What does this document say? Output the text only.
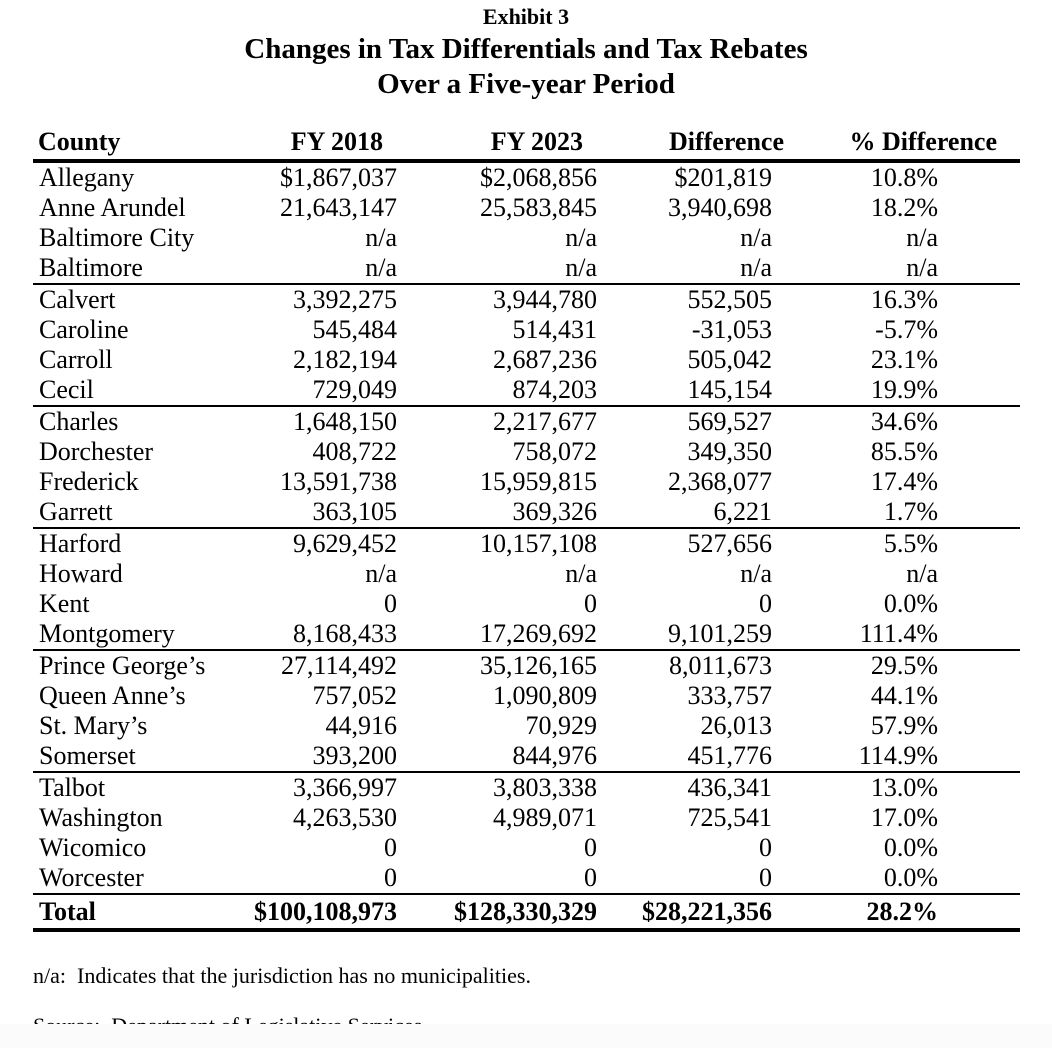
Exhibit 3
Changes in Tax Differentials and Tax Rebates
Over a Five-year Period
County	FY 2018	FY 2023	Difference	% Difference
Allegany	$1,867,037	$2,068,856	$201,819	10.8%
Anne Arundel	21,643,147	25,583,845	3,940,698	18.2%
Baltimore City	n/a	n/a	n/a	n/a
Baltimore	n/a	n/a	n/a	n/a
Calvert	3,392,275	3,944,780	552,505	16.3%
Caroline	545,484	514,431	-31,053	-5.7%
Carroll	2,182,194	2,687,236	505,042	23.1%
Cecil	729,049	874,203	145,154	19.9%
Charles	1,648,150	2,217,677	569,527	34.6%
Dorchester	408,722	758,072	349,350	85.5%
Frederick	13,591,738	15,959,815	2,368,077	17.4%
Garrett	363,105	369,326	6,221	1.7%
Harford	9,629,452	10,157,108	527,656	5.5%
Howard	n/a	n/a	n/a	n/a
Kent	0	0	0	0.0%
Montgomery	8,168,433	17,269,692	9,101,259	111.4%
Prince George’s	27,114,492	35,126,165	8,011,673	29.5%
Queen Anne’s	757,052	1,090,809	333,757	44.1%
St. Mary’s	44,916	70,929	26,013	57.9%
Somerset	393,200	844,976	451,776	114.9%
Talbot	3,366,997	3,803,338	436,341	13.0%
Washington	4,263,530	4,989,071	725,541	17.0%
Wicomico	0	0	0	0.0%
Worcester	0	0	0	0.0%
Total	$100,108,973	$128,330,329	$28,221,356	28.2%
n/a: Indicates that the jurisdiction has no municipalities.
